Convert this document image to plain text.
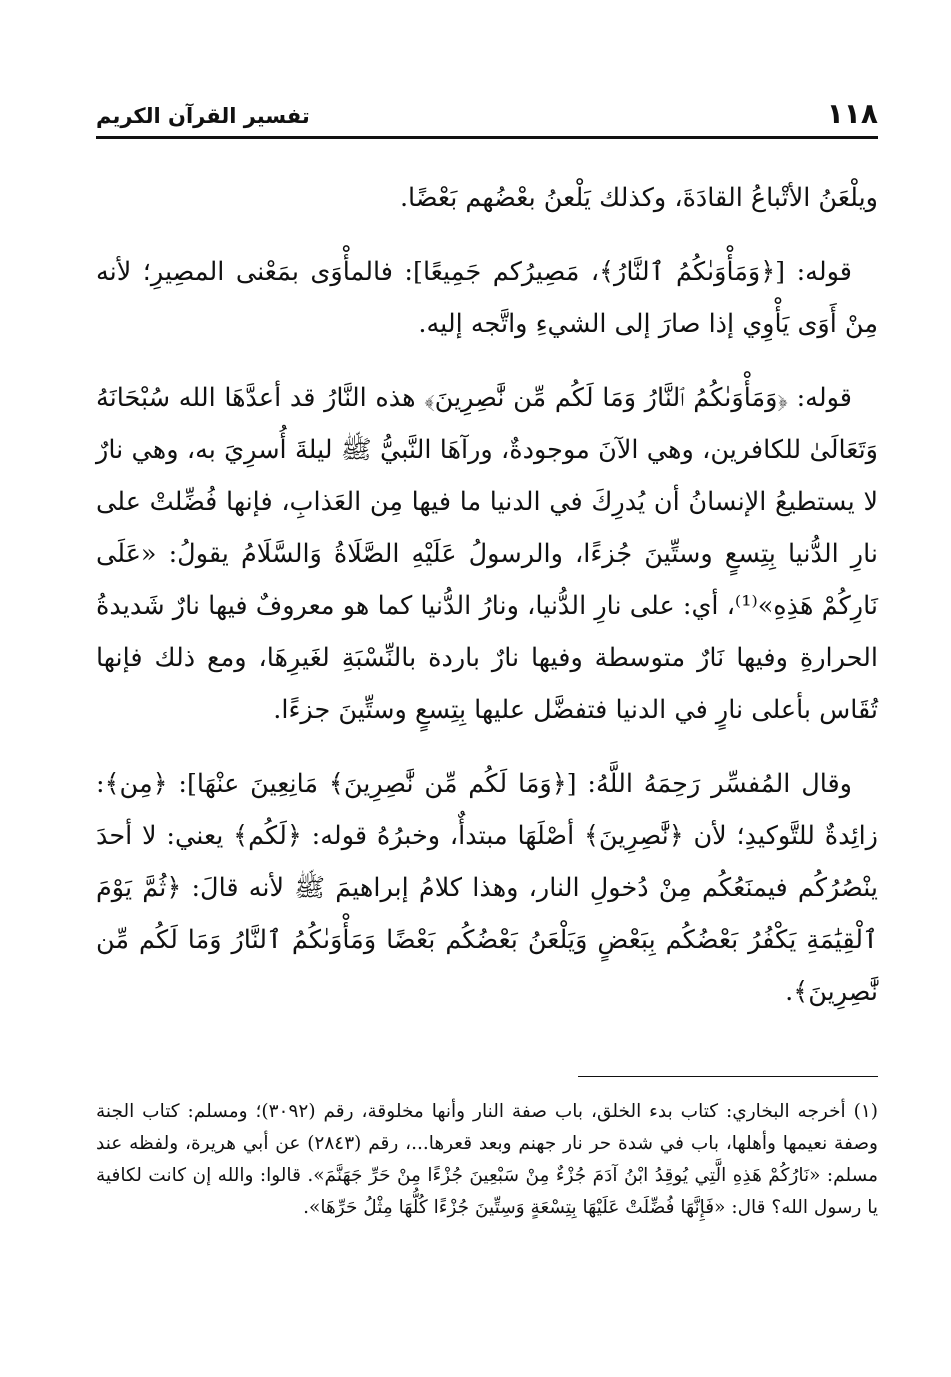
١١٨
تفسير القرآن الكريم

ويلْعَنُ الأتْباعُ القادَةَ، وكذلك يَلْعنُ بعْضُهم بَعْضًا.

قوله: [﴿وَمَأْوَىٰكُمُ ٱلنَّارُ﴾، مَصِيرُكم جَمِيعًا]: فالمأْوَى بمَعْنى المصِيرِ؛ لأنه مِنْ أَوَى يَأْوِي إذا صارَ إلى الشيءِ واتَّجه إليه.

قوله: ﴿وَمَأْوَىٰكُمُ ٱلنَّارُ وَمَا لَكُم مِّن نَّٰصِرِينَ﴾ هذه النَّارُ قد أعدَّهَا الله سُبْحَانَهُ وَتَعَالَىٰ للكافرين، وهي الآنَ موجودةٌ، ورآهَا النَّبيُّ ﷺ ليلةَ أُسرِيَ به، وهي نارٌ لا يستطيعُ الإنسانُ أن يُدرِكَ في الدنيا ما فيها مِن العَذابِ، فإنها فُضِّلتْ على نارِ الدُّنيا بِتِسعٍ وستِّينَ جُزءًا، والرسولُ عَلَيْهِ الصَّلَاةُ وَالسَّلَامُ يقولُ: «عَلَى نَارِكُمْ هَذِهِ»⁽¹⁾، أي: على نارِ الدُّنيا، ونارُ الدُّنيا كما هو معروفٌ فيها نارٌ شَديدةُ الحرارةِ وفيها نَارٌ متوسطة وفيها نارٌ باردة بالنِّسْبَةِ لغَيرِهَا، ومع ذلك فإنها تُقَاس بأعلى نارٍ في الدنيا فتفضَّل عليها بِتِسعٍ وستِّينَ جزءًا.

وقال المُفسِّر رَحِمَهُ اللَّهُ: [﴿وَمَا لَكُم مِّن نَّٰصِرِينَ﴾ مَانِعِينَ عنْهَا]: ﴿مِن﴾: زائِدةٌ للتَّوكيدِ؛ لأن ﴿نَّٰصِرِينَ﴾ أصْلَهَا مبتدأٌ، وخبرُهُ قوله: ﴿لَكُم﴾ يعني: لا أحدَ ينْصُرُكُم فيمنَعُكُم مِنْ دُخولِ النار، وهذا كلامُ إبراهيمَ ﷺ لأنه قالَ: ﴿ثُمَّ يَوْمَ ٱلْقِيَٰمَةِ يَكْفُرُ بَعْضُكُم بِبَعْضٍ وَيَلْعَنُ بَعْضُكُم بَعْضًا وَمَأْوَىٰكُمُ ٱلنَّارُ وَمَا لَكُم مِّن نَّٰصِرِينَ﴾.

(١) أخرجه البخاري: كتاب بدء الخلق، باب صفة النار وأنها مخلوقة، رقم (٣٠٩٢)؛ ومسلم: كتاب الجنة وصفة نعيمها وأهلها، باب في شدة حر نار جهنم وبعد قعرها...، رقم (٢٨٤٣) عن أبي هريرة، ولفظه عند مسلم: «نَارُكُمْ هَذِهِ الَّتِي يُوقِدُ ابْنُ آدَمَ جُزْءٌ مِنْ سَبْعِينَ جُزْءًا مِنْ حَرِّ جَهَنَّمَ». قالوا: والله إن كانت لكافية يا رسول الله؟ قال: «فَإِنَّهَا فُضِّلَتْ عَلَيْهَا بِتِسْعَةٍ وَسِتِّينَ جُزْءًا كُلُّهَا مِثْلُ حَرِّهَا».
